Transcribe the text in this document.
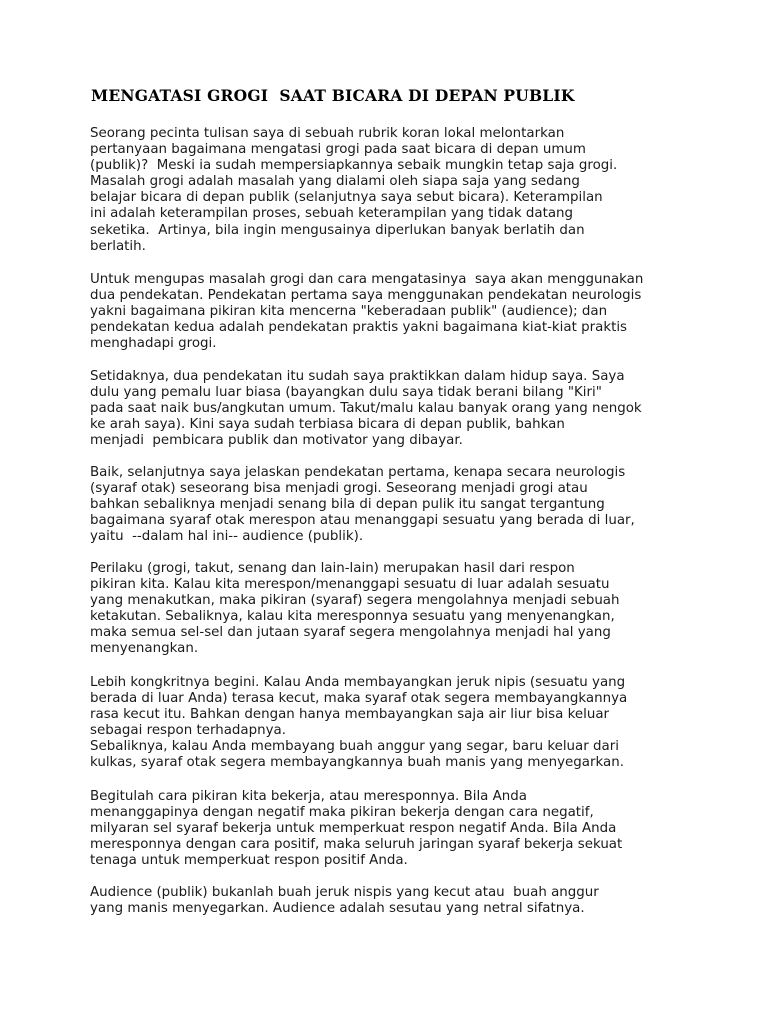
MENGATASI GROGI  SAAT BICARA DI DEPAN PUBLIK
Seorang pecinta tulisan saya di sebuah rubrik koran lokal melontarkan
pertanyaan bagaimana mengatasi grogi pada saat bicara di depan umum
(publik)?  Meski ia sudah mempersiapkannya sebaik mungkin tetap saja grogi.
Masalah grogi adalah masalah yang dialami oleh siapa saja yang sedang
belajar bicara di depan publik (selanjutnya saya sebut bicara). Keterampilan
ini adalah keterampilan proses, sebuah keterampilan yang tidak datang
seketika.  Artinya, bila ingin mengusainya diperlukan banyak berlatih dan
berlatih.
Untuk mengupas masalah grogi dan cara mengatasinya  saya akan menggunakan
dua pendekatan. Pendekatan pertama saya menggunakan pendekatan neurologis
yakni bagaimana pikiran kita mencerna "keberadaan publik" (audience); dan
pendekatan kedua adalah pendekatan praktis yakni bagaimana kiat-kiat praktis
menghadapi grogi.
Setidaknya, dua pendekatan itu sudah saya praktikkan dalam hidup saya. Saya
dulu yang pemalu luar biasa (bayangkan dulu saya tidak berani bilang "Kiri"
pada saat naik bus/angkutan umum. Takut/malu kalau banyak orang yang nengok
ke arah saya). Kini saya sudah terbiasa bicara di depan publik, bahkan
menjadi  pembicara publik dan motivator yang dibayar.
Baik, selanjutnya saya jelaskan pendekatan pertama, kenapa secara neurologis
(syaraf otak) seseorang bisa menjadi grogi. Seseorang menjadi grogi atau
bahkan sebaliknya menjadi senang bila di depan pulik itu sangat tergantung
bagaimana syaraf otak merespon atau menanggapi sesuatu yang berada di luar,
yaitu  --dalam hal ini-- audience (publik).
Perilaku (grogi, takut, senang dan lain-lain) merupakan hasil dari respon
pikiran kita. Kalau kita merespon/menanggapi sesuatu di luar adalah sesuatu
yang menakutkan, maka pikiran (syaraf) segera mengolahnya menjadi sebuah
ketakutan. Sebaliknya, kalau kita meresponnya sesuatu yang menyenangkan,
maka semua sel-sel dan jutaan syaraf segera mengolahnya menjadi hal yang
menyenangkan.
Lebih kongkritnya begini. Kalau Anda membayangkan jeruk nipis (sesuatu yang
berada di luar Anda) terasa kecut, maka syaraf otak segera membayangkannya
rasa kecut itu. Bahkan dengan hanya membayangkan saja air liur bisa keluar
sebagai respon terhadapnya.
Sebaliknya, kalau Anda membayang buah anggur yang segar, baru keluar dari
kulkas, syaraf otak segera membayangkannya buah manis yang menyegarkan.
Begitulah cara pikiran kita bekerja, atau meresponnya. Bila Anda
menanggapinya dengan negatif maka pikiran bekerja dengan cara negatif,
milyaran sel syaraf bekerja untuk memperkuat respon negatif Anda. Bila Anda
meresponnya dengan cara positif, maka seluruh jaringan syaraf bekerja sekuat
tenaga untuk memperkuat respon positif Anda.
Audience (publik) bukanlah buah jeruk nispis yang kecut atau  buah anggur
yang manis menyegarkan. Audience adalah sesutau yang netral sifatnya.
